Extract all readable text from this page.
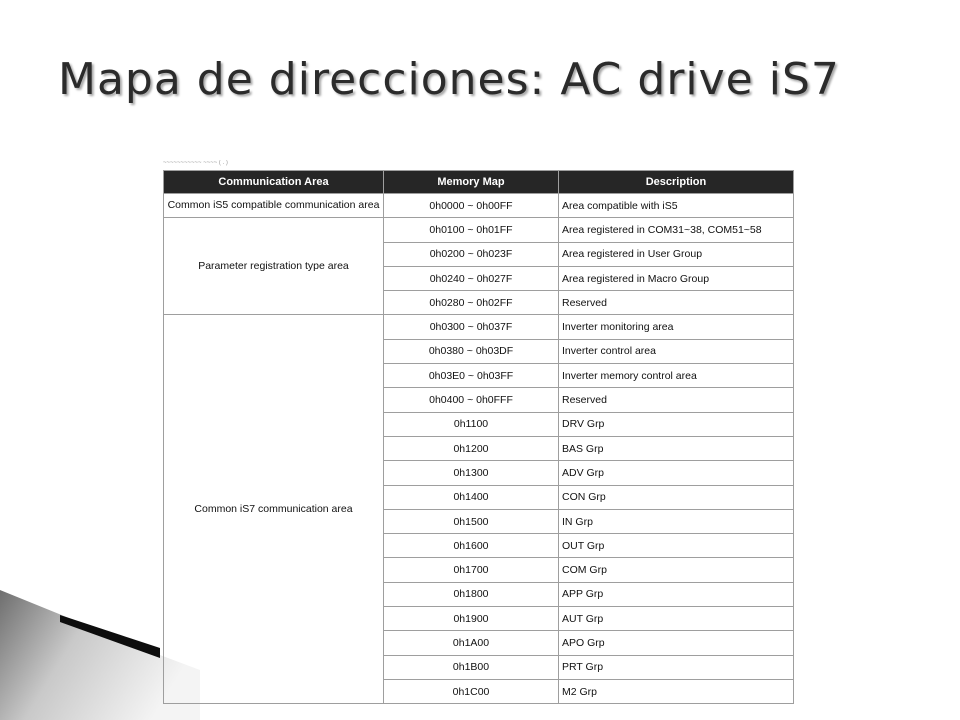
Mapa de direcciones: AC drive iS7
~~~~~~~~~~~ ~~~~ ( . )
Communication Area	Memory Map	Description
Common iS5 compatible communication area	0h0000 ~ 0h00FF	Area compatible with iS5
Parameter registration type area	0h0100 ~ 0h01FF	Area registered in COM31~38, COM51~58
	0h0200 ~ 0h023F	Area registered in User Group
	0h0240 ~ 0h027F	Area registered in Macro Group
	0h0280 ~ 0h02FF	Reserved
Common iS7 communication area	0h0300 ~ 0h037F	Inverter monitoring area
	0h0380 ~ 0h03DF	Inverter control area
	0h03E0 ~ 0h03FF	Inverter memory control area
	0h0400 ~ 0h0FFF	Reserved
	0h1100	DRV Grp
	0h1200	BAS Grp
	0h1300	ADV Grp
	0h1400	CON Grp
	0h1500	IN Grp
	0h1600	OUT Grp
	0h1700	COM Grp
	0h1800	APP Grp
	0h1900	AUT Grp
	0h1A00	APO Grp
	0h1B00	PRT Grp
	0h1C00	M2 Grp
